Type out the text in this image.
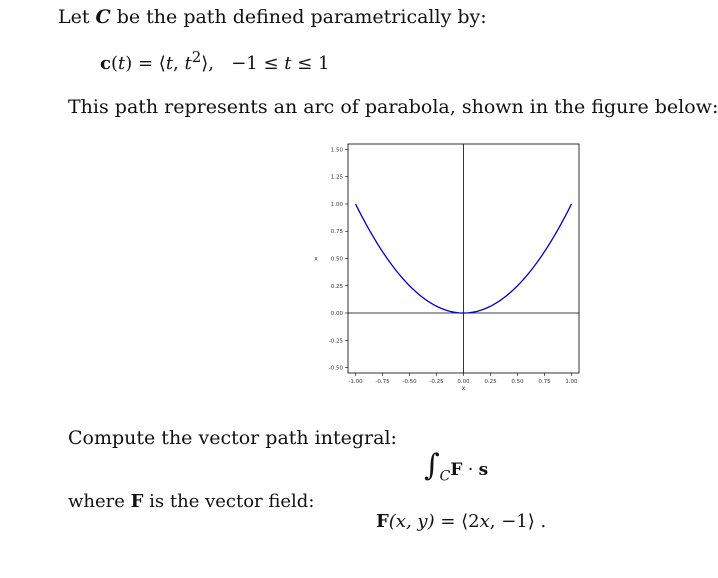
Let C be the path defined parametrically by:
c(t) = ⟨t, $t^2⟩$, −1 ≤ t ≤ 1
This path represents an arc of parabola, shown in the figure below:
1.50
1.25
1.00
0.75
0.50
0.25
0.00
-0.25
-0.50
-1.00 -0.75 -0.50 -0.25 0.00	0.25	0.50	0.75	1.00
x
x
Compute the vector path integral:
$\int_CF \cdot s$
where F is the vector field:
F(x, y) = ⟨2x, −1⟩ .
